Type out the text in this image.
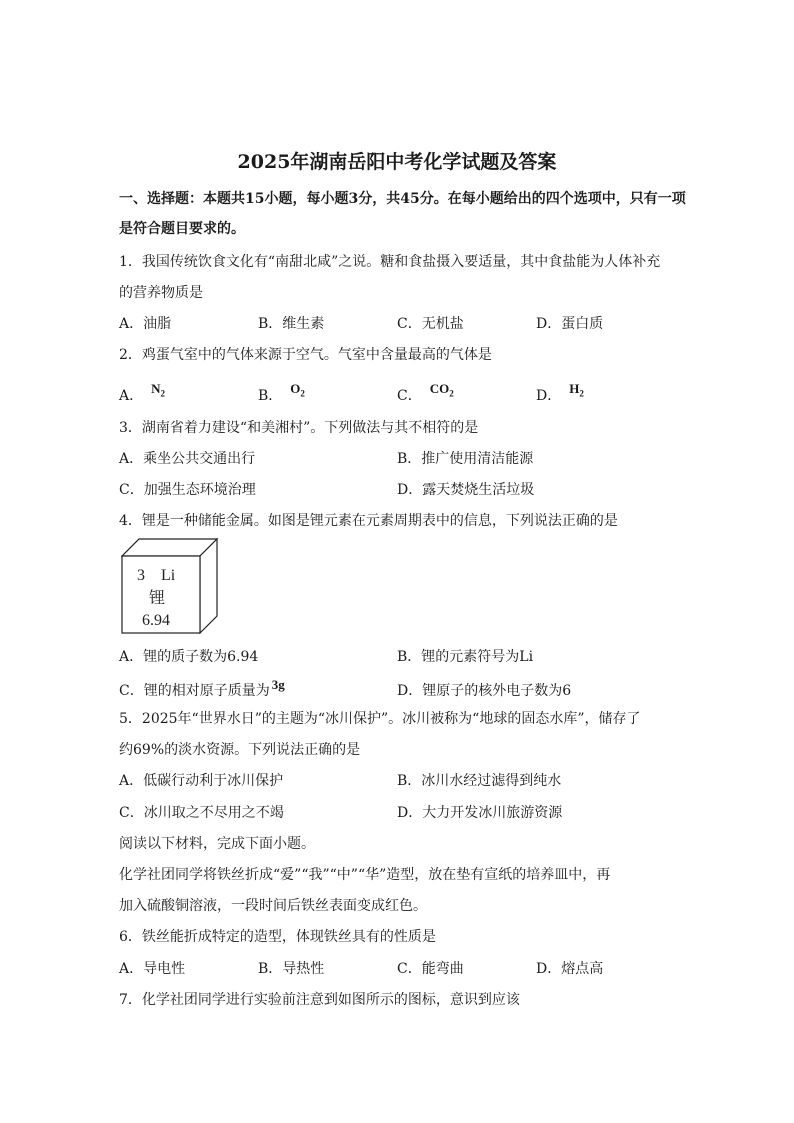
2025年湖南岳阳中考化学试题及答案
一、选择题：本题共15小题，每小题3分，共45分。在每小题给出的四个选项中，只有一项
是符合题目要求的。
1．我国传统饮食文化有“南甜北咸”之说。糖和食盐摄入要适量，其中食盐能为人体补充
的营养物质是
A．油脂	B．维生素	C．无机盐	D．蛋白质
2．鸡蛋气室中的气体来源于空气。气室中含量最高的气体是
A． $N_2$	B． $O_2$	C． $CO_2$	D． $H_2$
3．湖南省着力建设“和美湘村”。下列做法与其不相符的是
A．乘坐公共交通出行	B．推广使用清洁能源
C．加强生态环境治理	D．露天焚烧生活垃圾
4．锂是一种储能金属。如图是锂元素在元素周期表中的信息，下列说法正确的是
3 Li
锂
6.94
A．锂的质子数为6.94	B．锂的元素符号为Li
C．锂的相对原子质量为 3g	D．锂原子的核外电子数为6
5．2025年“世界水日”的主题为“冰川保护”。冰川被称为“地球的固态水库”，储存了
约69%的淡水资源。下列说法正确的是
A．低碳行动利于冰川保护	B．冰川水经过滤得到纯水
C．冰川取之不尽用之不竭	D．大力开发冰川旅游资源
阅读以下材料，完成下面小题。
化学社团同学将铁丝折成“爱”“我”“中”“华”造型，放在垫有宣纸的培养皿中，再
加入硫酸铜溶液，一段时间后铁丝表面变成红色。
6．铁丝能折成特定的造型，体现铁丝具有的性质是
A．导电性	B．导热性	C．能弯曲	D．熔点高
7．化学社团同学进行实验前注意到如图所示的图标，意识到应该
